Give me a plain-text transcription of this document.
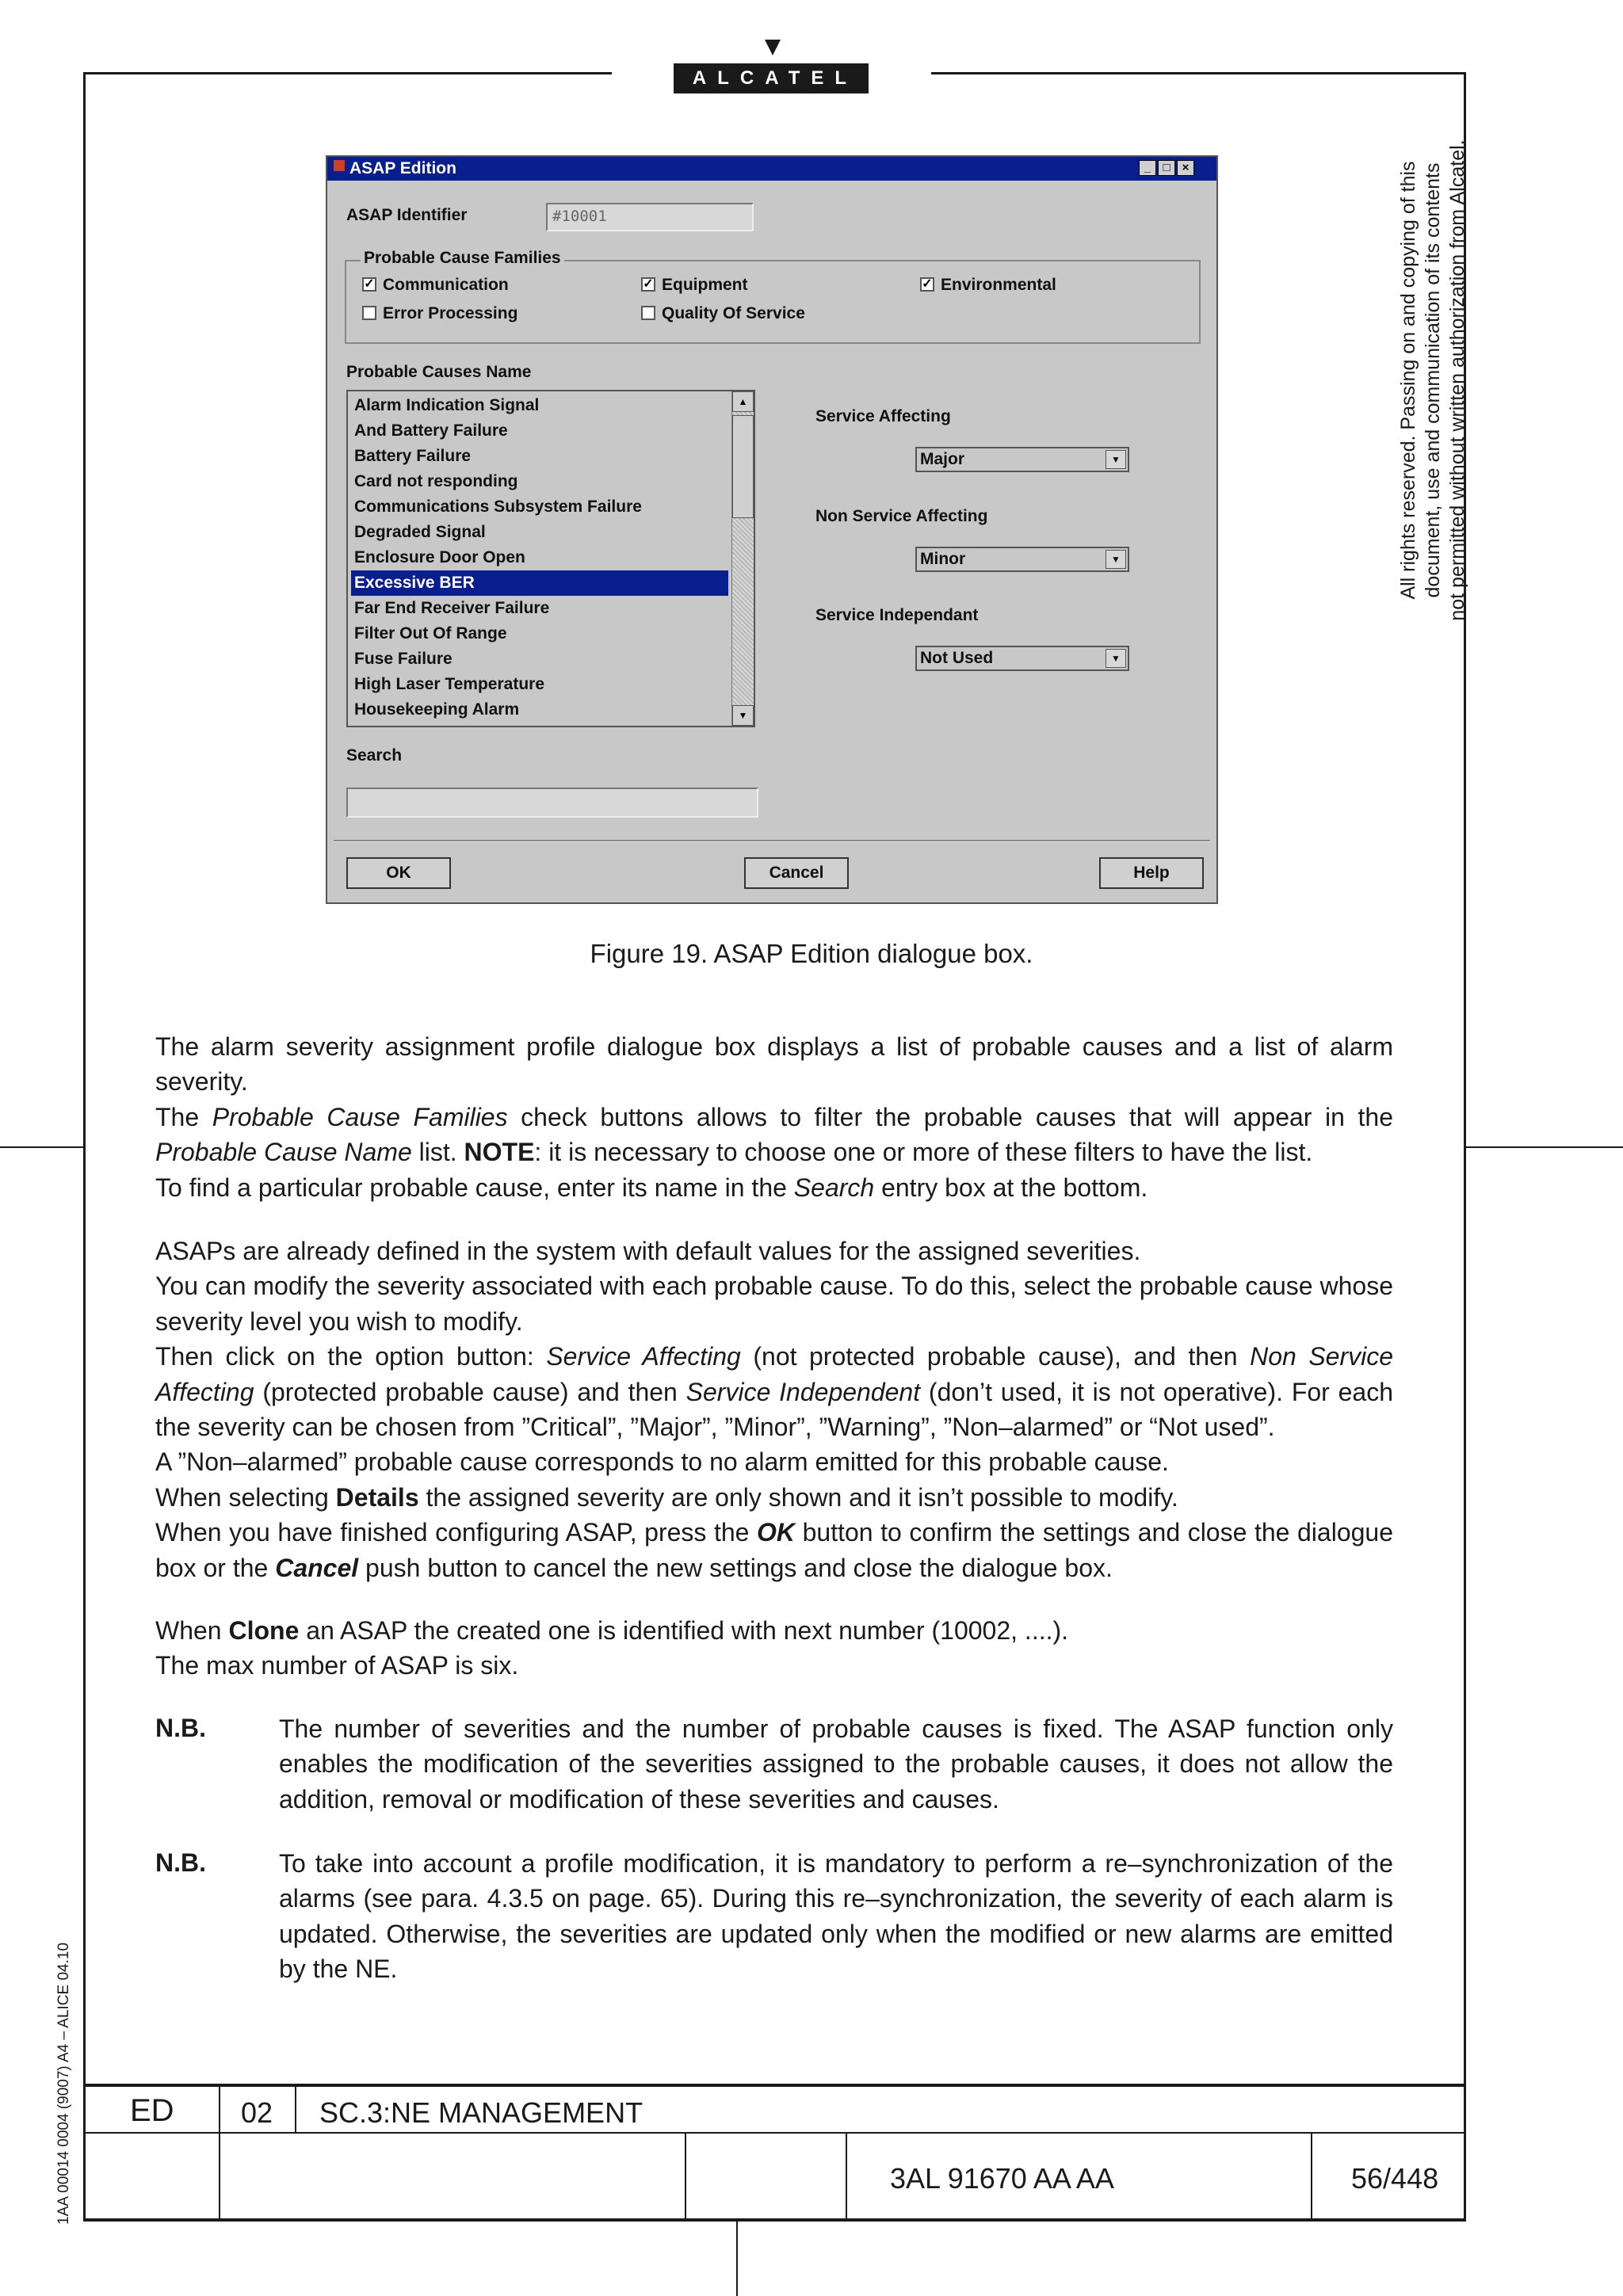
ALCATEL
All rights reserved. Passing on and copying of this document, use and communication of its contents not permitted without written authorization from Alcatel.
1AA 00014 0004 (9007) A4 – ALICE 04.10
ASAP Edition	_	□	×
ASAP Identifier	#10001
Probable Cause Families
✓ Communication	✓ Equipment	✓ Environmental
Error Processing	Quality Of Service
Probable Causes Name
Alarm Indication Signal
And Battery Failure
Battery Failure
Card not responding
Communications Subsystem Failure
Degraded Signal
Enclosure Door Open
Excessive BER
Far End Receiver Failure
Filter Out Of Range
Fuse Failure
High Laser Temperature
Housekeeping Alarm
▲
▼
Service Affecting
Major	▼
Non Service Affecting
Minor	▼
Service Independant
Not Used	▼
Search
OK	Cancel	Help
Figure 19. ASAP Edition dialogue box.

The alarm severity assignment profile dialogue box displays a list of probable causes and a list of alarm severity.
The Probable Cause Families check buttons allows to filter the probable causes that will appear in the Probable Cause Name list. NOTE: it is necessary to choose one or more of these filters to have the list.
To find a particular probable cause, enter its name in the Search entry box at the bottom.

ASAPs are already defined in the system with default values for the assigned severities.
You can modify the severity associated with each probable cause. To do this, select the probable cause whose severity level you wish to modify.
Then click on the option button: Service Affecting (not protected probable cause), and then Non Service Affecting (protected probable cause) and then Service Independent (don’t used, it is not operative). For each the severity can be chosen from ”Critical”, ”Major”, ”Minor”, ”Warning”, ”Non–alarmed” or “Not used”.
A ”Non–alarmed” probable cause corresponds to no alarm emitted for this probable cause.
When selecting Details the assigned severity are only shown and it isn’t possible to modify.
When you have finished configuring ASAP, press the OK button to confirm the settings and close the dialogue box or the Cancel push button to cancel the new settings and close the dialogue box.

When Clone an ASAP the created one is identified with next number (10002, ....).
The max number of ASAP is six.

N.B.	The number of severities and the number of probable causes is fixed. The ASAP function only enables the modification of the severities assigned to the probable causes, it does not allow the addition, removal or modification of these severities and causes.

N.B.	To take into account a profile modification, it is mandatory to perform a re–synchronization of the alarms (see para. 4.3.5 on page. 65). During this re–synchronization, the severity of each alarm is updated. Otherwise, the severities are updated only when the modified or new alarms are emitted by the NE.

ED 02 SC.3:NE MANAGEMENT
3AL 91670 AA AA	56/448
